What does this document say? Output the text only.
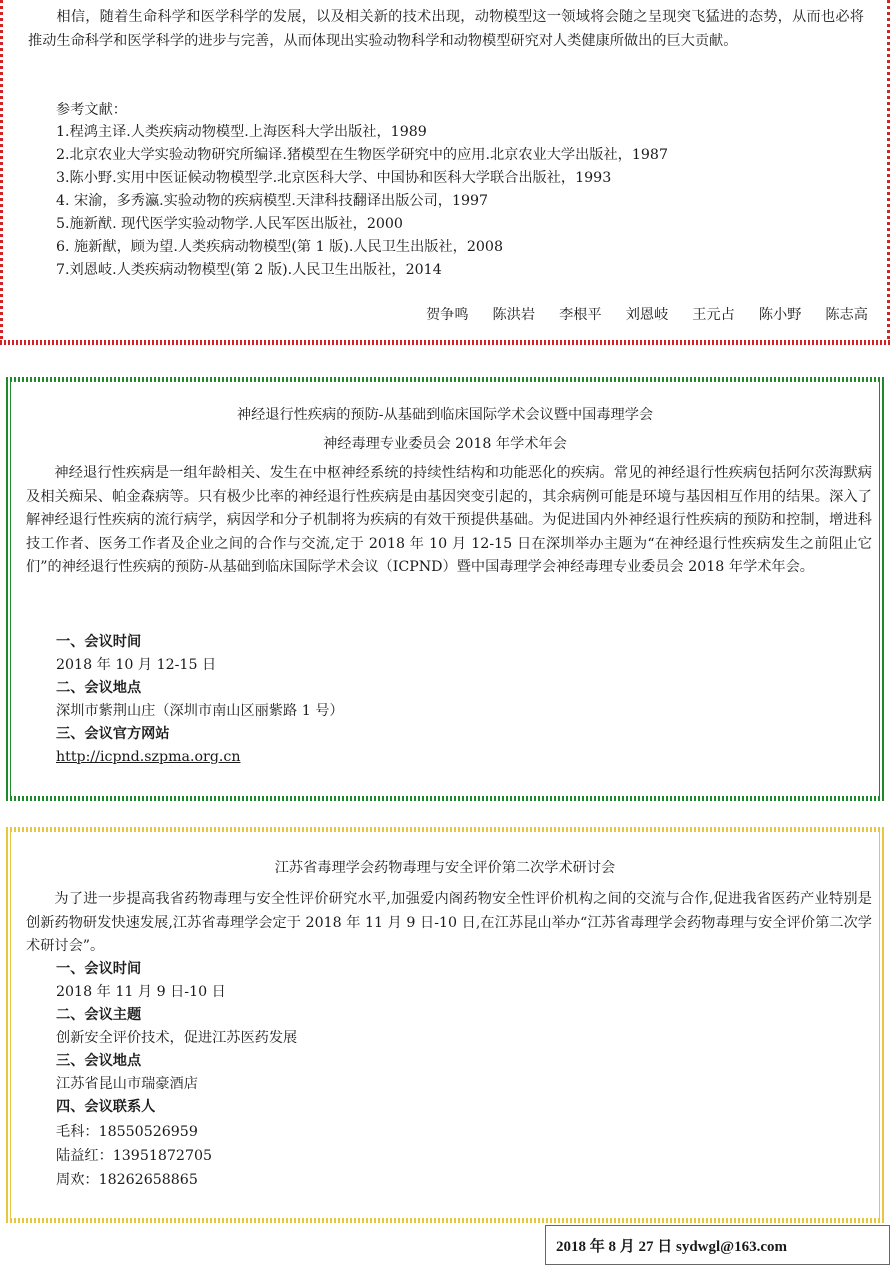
相信，随着生命科学和医学科学的发展，以及相关新的技术出现，动物模型这一领域将会随之呈现突飞猛进的态势，从而也必将推动生命科学和医学科学的进步与完善，从而体现出实验动物科学和动物模型研究对人类健康所做出的巨大贡献。

参考文献：

1.程鸿主译.人类疾病动物模型.上海医科大学出版社，1989

2.北京农业大学实验动物研究所编译.猪模型在生物医学研究中的应用.北京农业大学出版社，1987

3.陈小野.实用中医证候动物模型学.北京医科大学、中国协和医科大学联合出版社，1993

4. 宋渝，多秀瀛.实验动物的疾病模型.天津科技翻译出版公司，1997

5.施新猷. 现代医学实验动物学.人民军医出版社，2000

6. 施新猷，顾为望.人类疾病动物模型(第 1 版).人民卫生出版社，2008

7.刘恩岐.人类疾病动物模型(第 2 版).人民卫生出版社，2014

贺争鸣 陈洪岩 李根平 刘恩岐 王元占 陈小野 陈志高

神经退行性疾病的预防-从基础到临床国际学术会议暨中国毒理学会

神经毒理专业委员会 2018 年学术年会

神经退行性疾病是一组年龄相关、发生在中枢神经系统的持续性结构和功能恶化的疾病。常见的神经退行性疾病包括阿尔茨海默病及相关痴呆、帕金森病等。只有极少比率的神经退行性疾病是由基因突变引起的，其余病例可能是环境与基因相互作用的结果。深入了解神经退行性疾病的流行病学，病因学和分子机制将为疾病的有效干预提供基础。为促进国内外神经退行性疾病的预防和控制，增进科技工作者、医务工作者及企业之间的合作与交流,定于 2018 年 10 月 12-15 日在深圳举办主题为“在神经退行性疾病发生之前阻止它们”的神经退行性疾病的预防-从基础到临床国际学术会议（ICPND）暨中国毒理学会神经毒理专业委员会 2018 年学术年会。

一、会议时间

2018 年 10 月 12-15 日

二、会议地点

深圳市紫荆山庄（深圳市南山区丽紫路 1 号）

三、会议官方网站

http://icpnd.szpma.org.cn

江苏省毒理学会药物毒理与安全评价第二次学术研讨会

为了进一步提高我省药物毒理与安全性评价研究水平,加强爱内阁药物安全性评价机构之间的交流与合作,促进我省医药产业特别是创新药物研发快速发展,江苏省毒理学会定于 2018 年 11 月 9 日-10 日,在江苏昆山举办“江苏省毒理学会药物毒理与安全评价第二次学术研讨会”。

一、会议时间

2018 年 11 月 9 日-10 日

二、会议主题

创新安全评价技术，促进江苏医药发展

三、会议地点

江苏省昆山市瑞豪酒店

四、会议联系人

毛科：18550526959

陆益红：13951872705

周欢：18262658865

2018 年 8 月 27 日 sydwgl@163.com
